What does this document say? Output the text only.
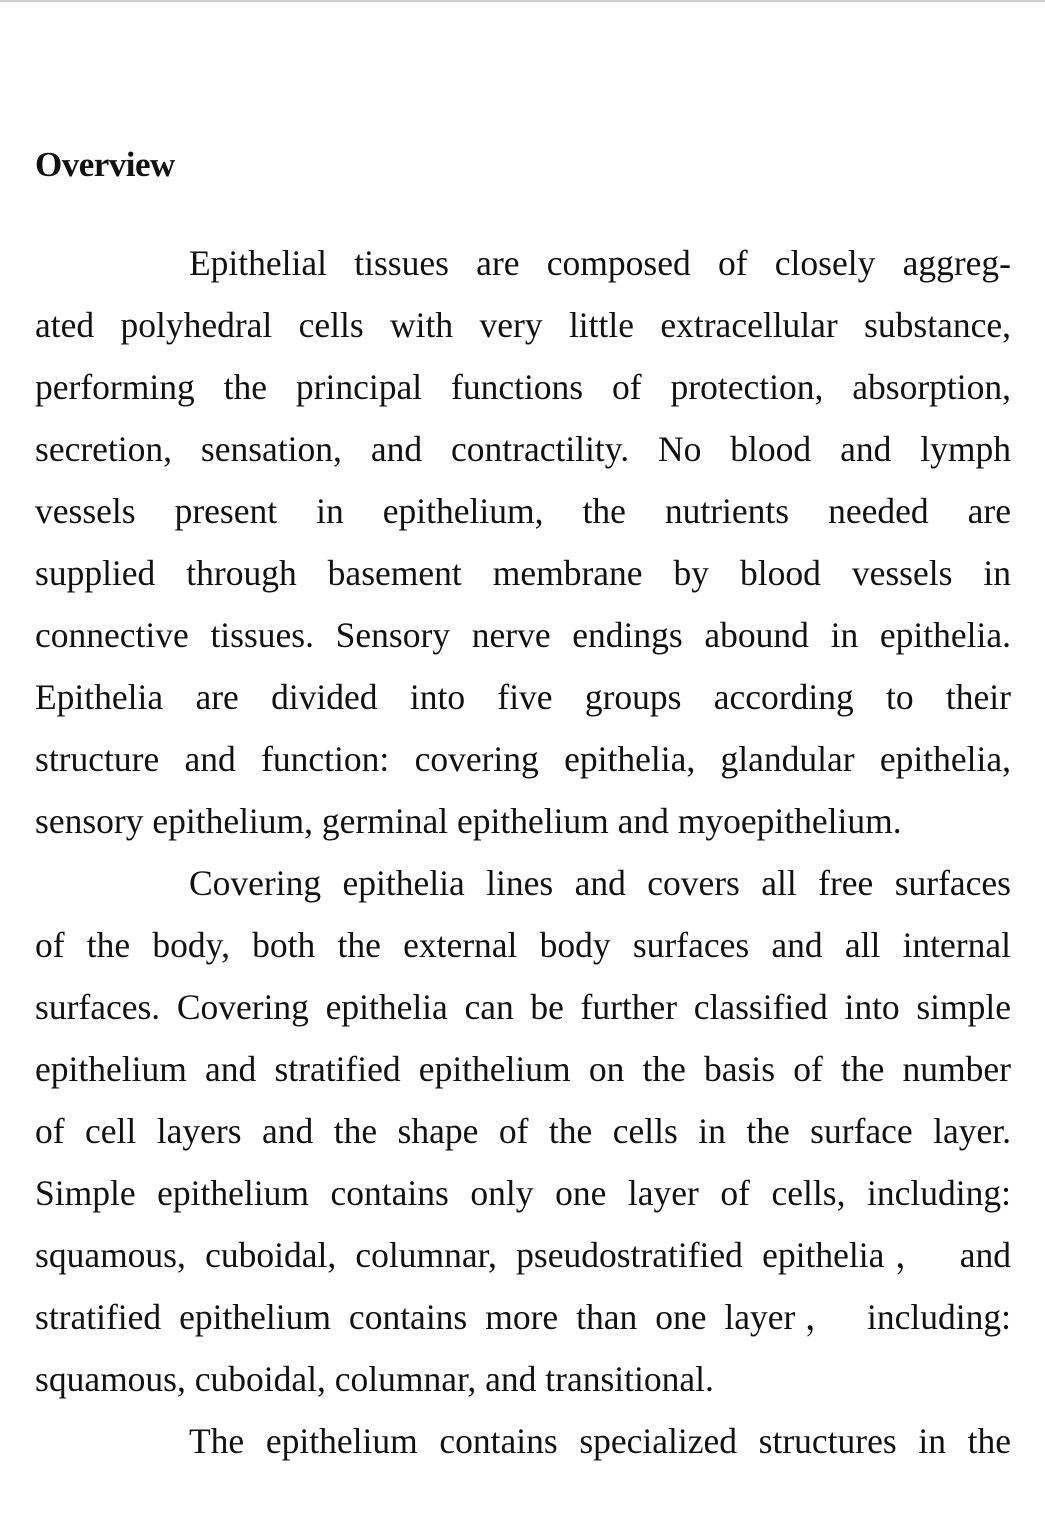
Overview
Epithelial tissues are composed of closely aggreg-
ated polyhedral cells with very little extracellular substance,
performing the principal functions of protection, absorption,
secretion, sensation, and contractility. No blood and lymph
vessels present in epithelium, the nutrients needed are
supplied through basement membrane by blood vessels in
connective tissues. Sensory nerve endings abound in epithelia.
Epithelia are divided into five groups according to their
structure and function: covering epithelia, glandular epithelia,
sensory epithelium, germinal epithelium and myoepithelium.
Covering epithelia lines and covers all free surfaces
of the body, both the external body surfaces and all internal
surfaces. Covering epithelia can be further classified into simple
epithelium and stratified epithelium on the basis of the number
of cell layers and the shape of the cells in the surface layer.
Simple epithelium contains only one layer of cells, including:
squamous, cuboidal, columnar, pseudostratified epithelia， and
stratified epithelium contains more than one layer， including:
squamous, cuboidal, columnar, and transitional.
The epithelium contains specialized structures in the
